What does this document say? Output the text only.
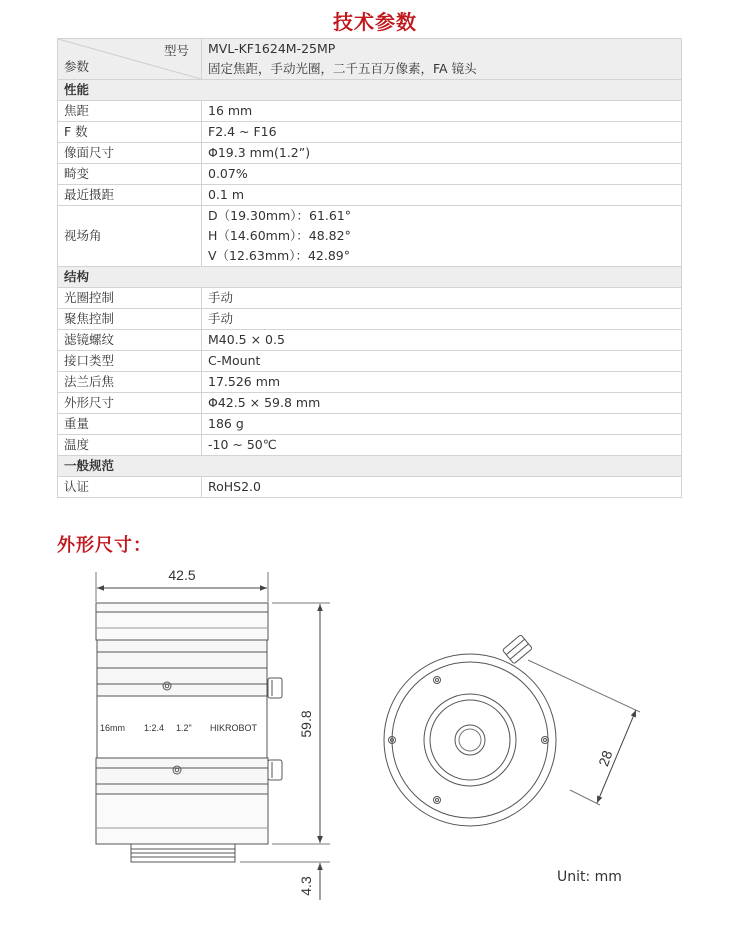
技术参数
型号
参数	MVL-KF1624M-25MP
固定焦距，手动光圈，二千五百万像素，FA 镜头

性能	
焦距	16 mm

F 数	F2.4 ~ F16

像面尺寸	Φ19.3 mm(1.2”)

畸变	0.07%

最近摄距	0.1 m

视场角	D（19.30mm）：61.61°
H（14.60mm）：48.82°
V（12.63mm）：42.89°

结构	
光圈控制	手动

聚焦控制	手动

滤镜螺纹	M40.5 × 0.5

接口类型	C-Mount

法兰后焦	17.526 mm

外形尺寸	Φ42.5 × 59.8 mm

重量	186 g

温度	-10 ~ 50℃

一般规范	
认证	RoHS2.0
外形尺寸：
42.5
59.8
4.3
16mm 1:2.4 1.2" HIKROBOT
28
Unit: mm
